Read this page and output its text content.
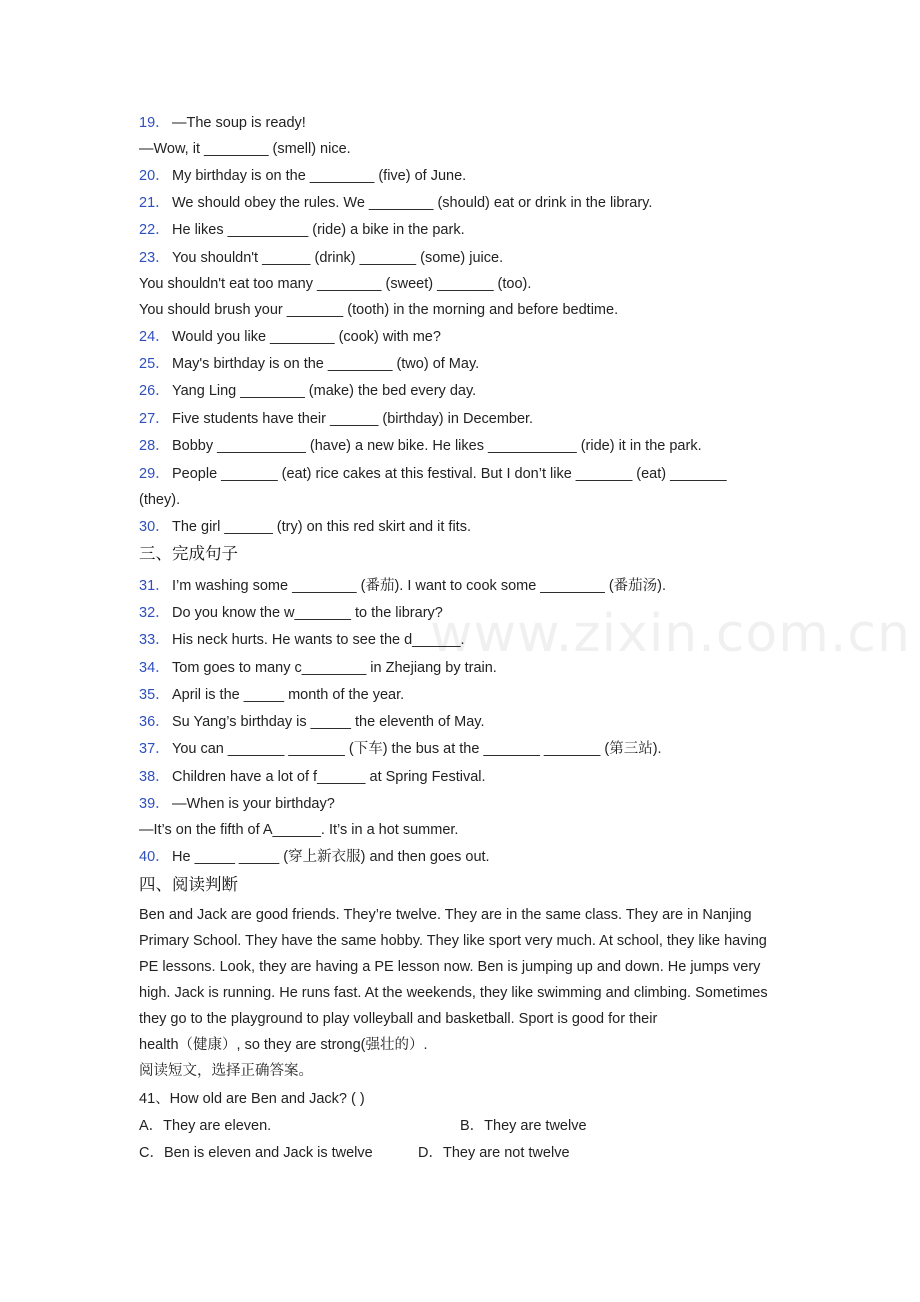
www.zixin.com.cn
19． —The soup is ready!
—Wow, it ________ (smell) nice.
20． My birthday is on the ________ (five) of June.
21． We should obey the rules. We ________ (should) eat or drink in the library.
22． He likes __________ (ride) a bike in the park.
23． You shouldn't ______ (drink) _______ (some) juice.
You shouldn't eat too many ________ (sweet) _______ (too).
You should brush your _______ (tooth) in the morning and before bedtime.
24． Would you like ________ (cook) with me?
25． May's birthday is on the ________ (two) of May.
26． Yang Ling ________ (make) the bed every day.
27． Five students have their ______ (birthday) in December.
28． Bobby ___________ (have) a new bike. He likes ___________ (ride) it in the park.
29． People _______ (eat) rice cakes at this festival. But I don’t like _______ (eat) _______
(they).
30． The girl ______ (try) on this red skirt and it fits.
三、完成句子
31． I’m washing some ________ (番茄). I want to cook some ________ (番茄汤).
32． Do you know the w_______ to the library?
33． His neck hurts. He wants to see the d______.
34． Tom goes to many c________ in Zhejiang by train.
35． April is the _____ month of the year.
36． Su Yang’s birthday is _____ the eleventh of May.
37． You can _______ _______ (下车) the bus at the _______ _______ (第三站).
38． Children have a lot of f______ at Spring Festival.
39． —When is your birthday?
—It’s on the fifth of A______. It’s in a hot summer.
40． He _____ _____ (穿上新衣服) and then goes out.
四、阅读判断
Ben and Jack are good friends. They’re twelve. They are in the same class. They are in Nanjing
Primary School. They have the same hobby. They like sport very much. At school, they like having
PE lessons. Look, they are having a PE lesson now. Ben is jumping up and down. He jumps very
high. Jack is running. He runs fast. At the weekends, they like swimming and climbing. Sometimes
they go to the playground to play volleyball and basketball. Sport is good for their
health（健康）, so they are strong(强壮的）.
阅读短文，选择正确答案。
41、How old are Ben and Jack? ( )
A．They are eleven.	B．They are twelve
C．Ben is eleven and Jack is twelve	D．They are not twelve
